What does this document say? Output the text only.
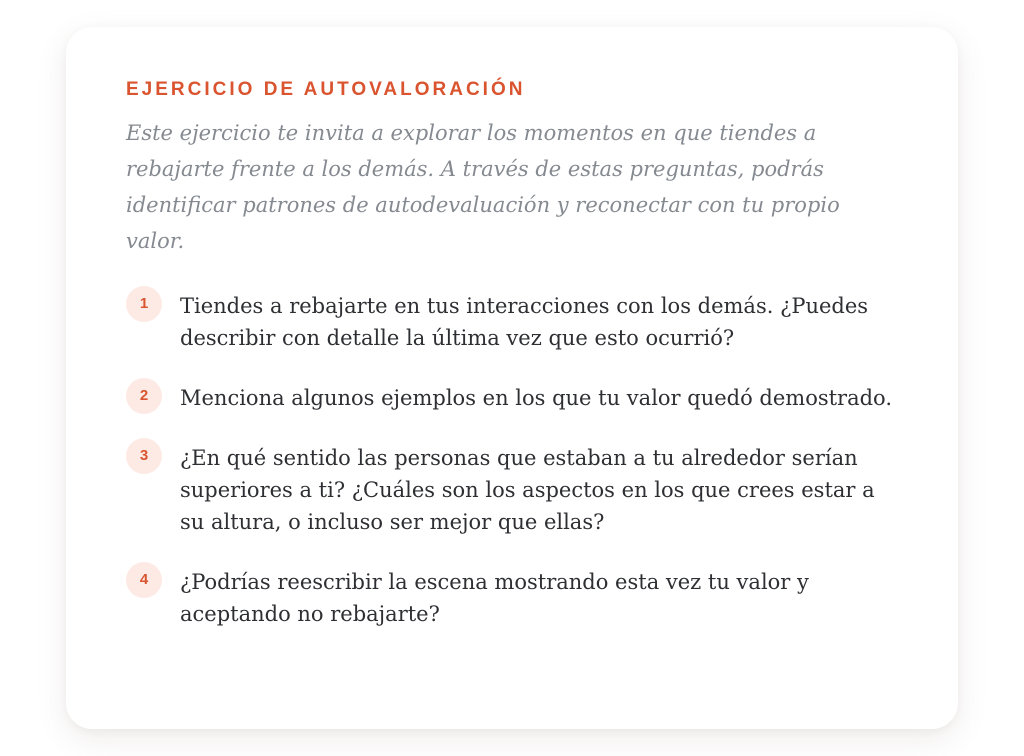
EJERCICIO DE AUTOVALORACIÓN

Este ejercicio te invita a explorar los momentos en que tiendes a rebajarte frente a los demás. A través de estas preguntas, podrás identificar patrones de autodevaluación y reconectar con tu propio valor.

1	Tiendes a rebajarte en tus interacciones con los demás. ¿Puedes describir con detalle la última vez que esto ocurrió?
2	Menciona algunos ejemplos en los que tu valor quedó demostrado.
3	¿En qué sentido las personas que estaban a tu alrededor serían superiores a ti? ¿Cuáles son los aspectos en los que crees estar a su altura, o incluso ser mejor que ellas?
4	¿Podrías reescribir la escena mostrando esta vez tu valor y aceptando no rebajarte?
